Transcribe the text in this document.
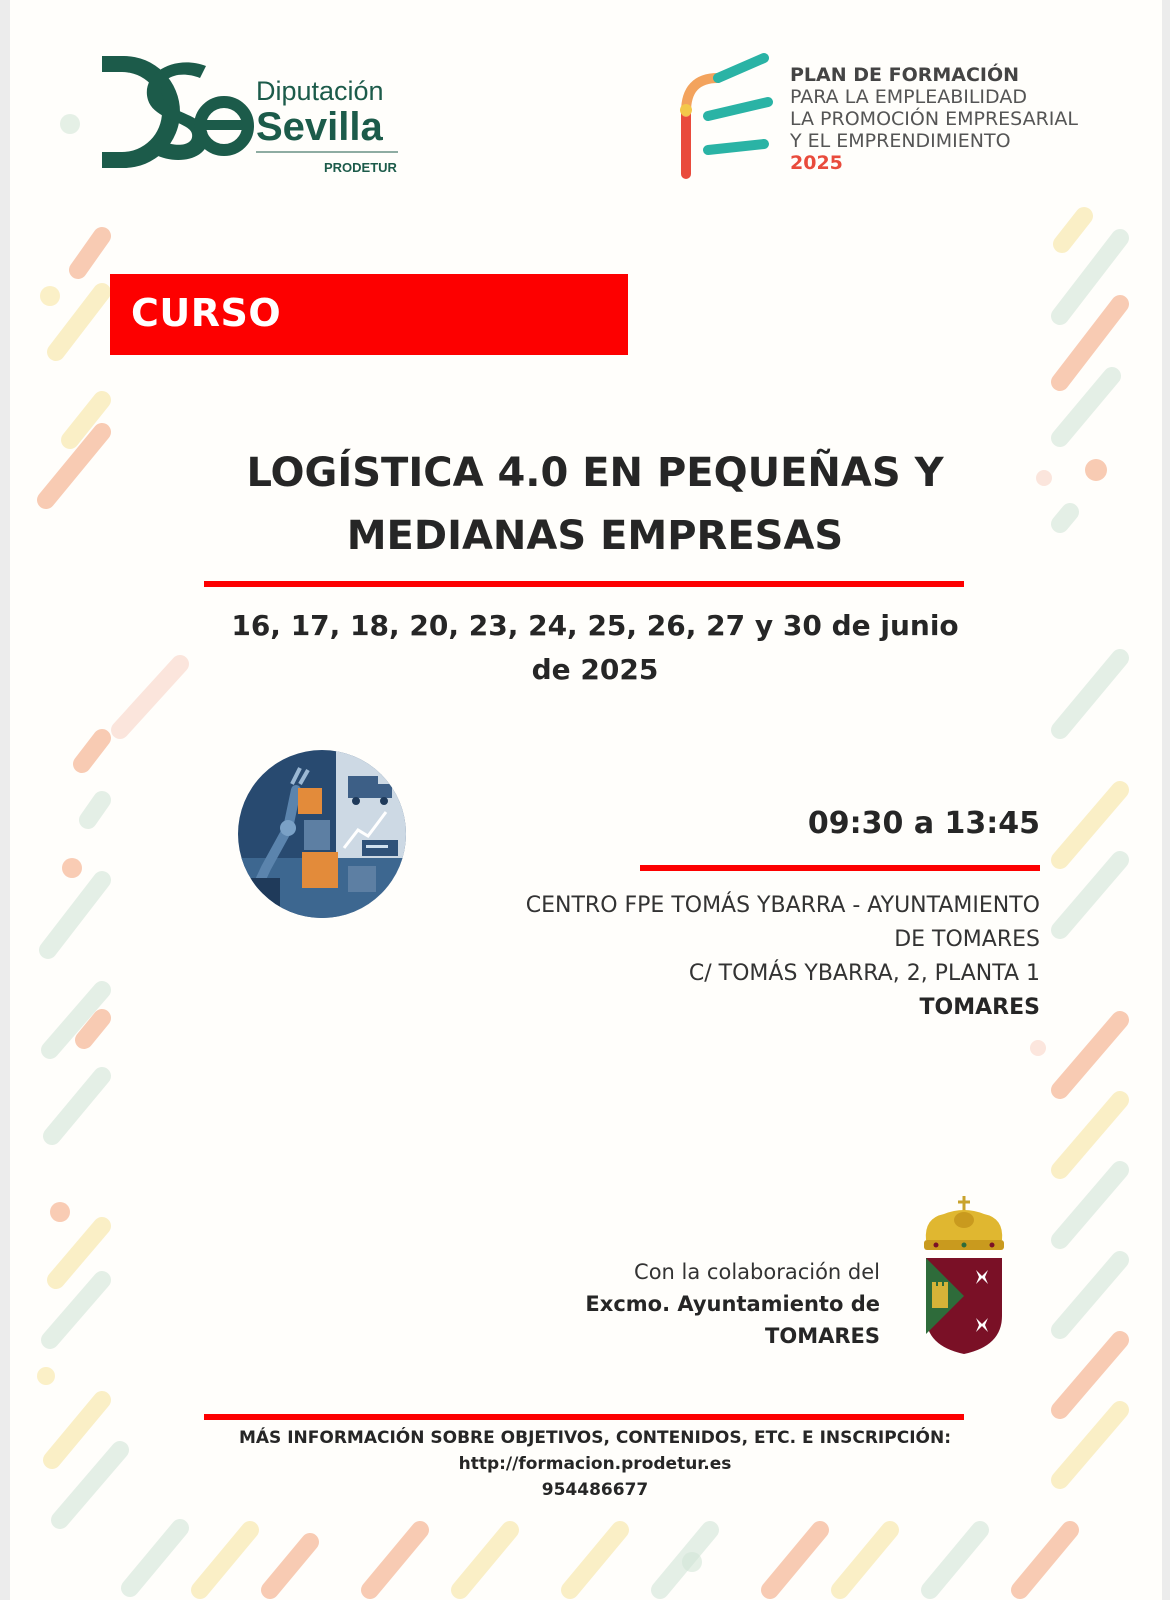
Diputación
Sevilla
PRODETUR
PLAN DE FORMACIÓN
PARA LA EMPLEABILIDAD
LA PROMOCIÓN EMPRESARIAL
Y EL EMPRENDIMIENTO
2025
CURSO
LOGÍSTICA 4.0 EN PEQUEÑAS Y
MEDIANAS EMPRESAS
16, 17, 18, 20, 23, 24, 25, 26, 27 y 30 de junio
de 2025
09:30 a 13:45
CENTRO FPE TOMÁS YBARRA - AYUNTAMIENTO
DE TOMARES
C/ TOMÁS YBARRA, 2, PLANTA 1
TOMARES
Con la colaboración del
Excmo. Ayuntamiento de
TOMARES
MÁS INFORMACIÓN SOBRE OBJETIVOS, CONTENIDOS, ETC. E INSCRIPCIÓN:
http://formacion.prodetur.es
954486677
